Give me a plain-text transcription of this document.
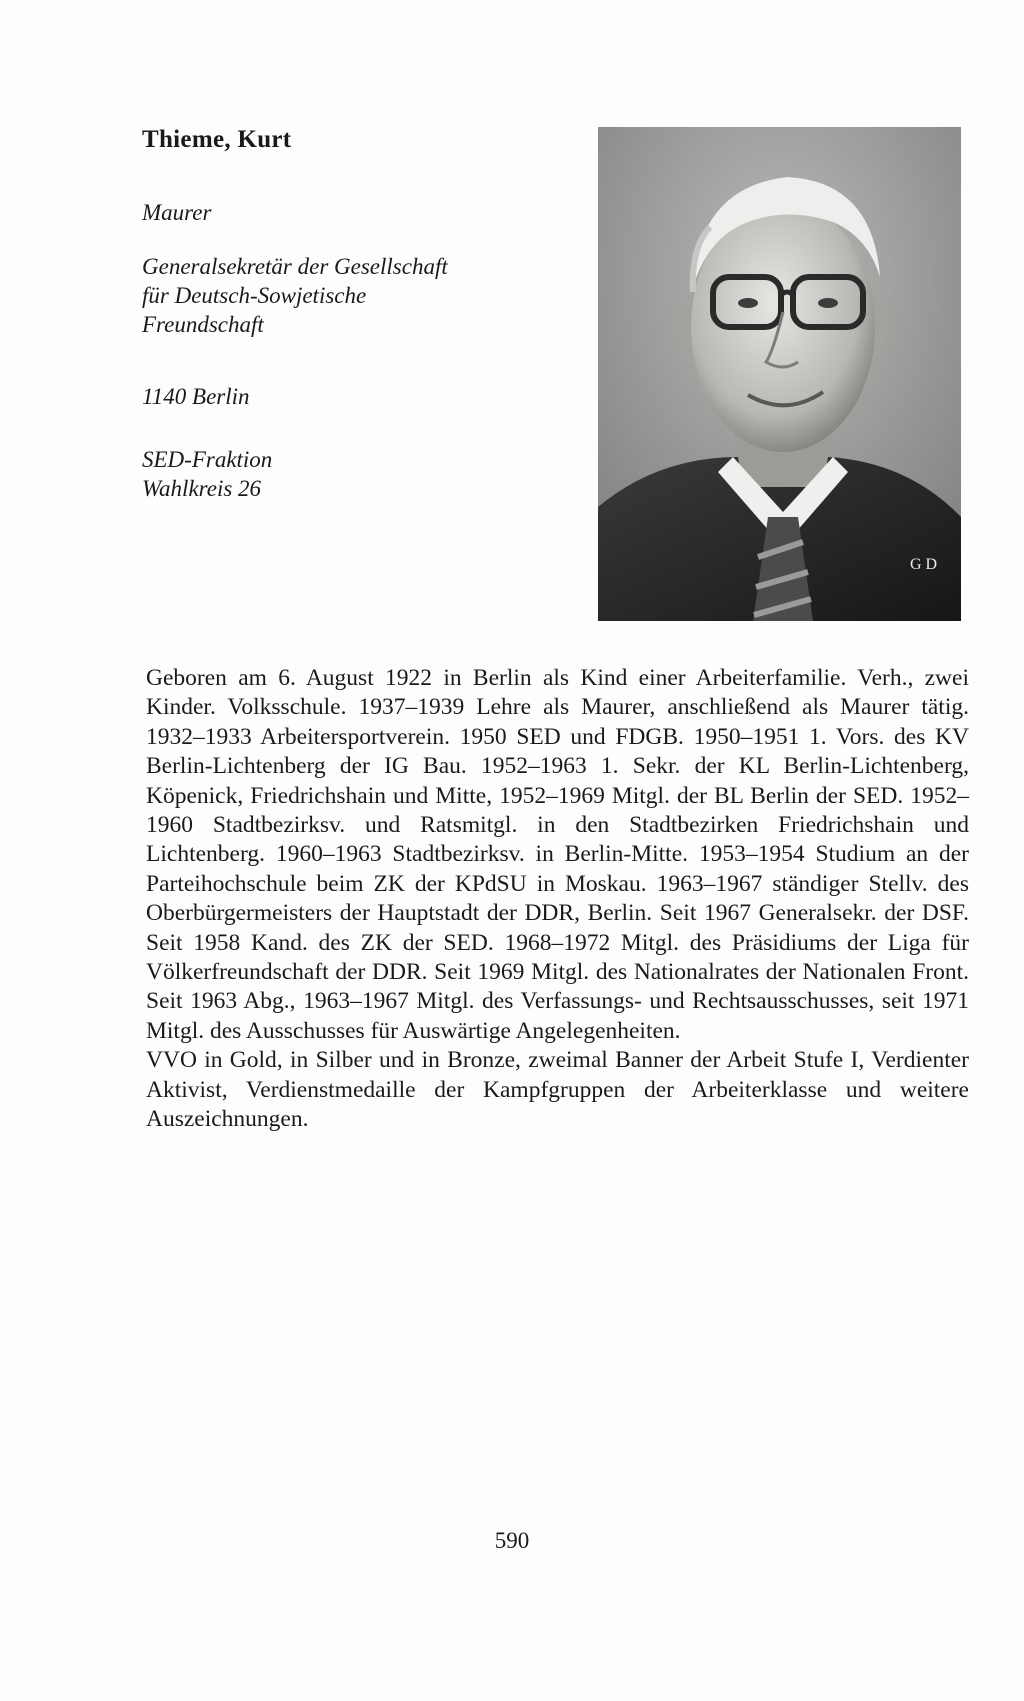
Thieme, Kurt
Maurer
Generalsekretär der Gesellschaft
für Deutsch-Sowjetische
Freundschaft
1140 Berlin
SED-Fraktion
Wahlkreis 26
G D

Geboren am 6. August 1922 in Berlin als Kind einer Arbeiterfamilie. Verh., zwei Kinder. Volksschule. 1937–1939 Lehre als Maurer, anschließend als Maurer tätig. 1932–1933 Arbeitersportverein. 1950 SED und FDGB. 1950–1951 1. Vors. des KV Berlin-Lichtenberg der IG Bau. 1952–1963 1. Sekr. der KL Berlin-Lichtenberg, Köpenick, Friedrichshain und Mitte, 1952–1969 Mitgl. der BL Berlin der SED. 1952–1960 Stadtbezirksv. und Ratsmitgl. in den Stadtbezirken Friedrichshain und Lichtenberg. 1960–1963 Stadtbezirksv. in Berlin-Mitte. 1953–1954 Studium an der Parteihochschule beim ZK der KPdSU in Moskau. 1963–1967 ständiger Stellv. des Oberbürgermeisters der Hauptstadt der DDR, Berlin. Seit 1967 Generalsekr. der DSF. Seit 1958 Kand. des ZK der SED. 1968–1972 Mitgl. des Präsidiums der Liga für Völkerfreundschaft der DDR. Seit 1969 Mitgl. des Nationalrates der Nationalen Front. Seit 1963 Abg., 1963–1967 Mitgl. des Verfassungs- und Rechtsausschusses, seit 1971 Mitgl. des Ausschusses für Auswärtige Angelegenheiten.

VVO in Gold, in Silber und in Bronze, zweimal Banner der Arbeit Stufe I, Verdienter Aktivist, Verdienstmedaille der Kampfgruppen der Arbeiterklasse und weitere Auszeichnungen.

590
